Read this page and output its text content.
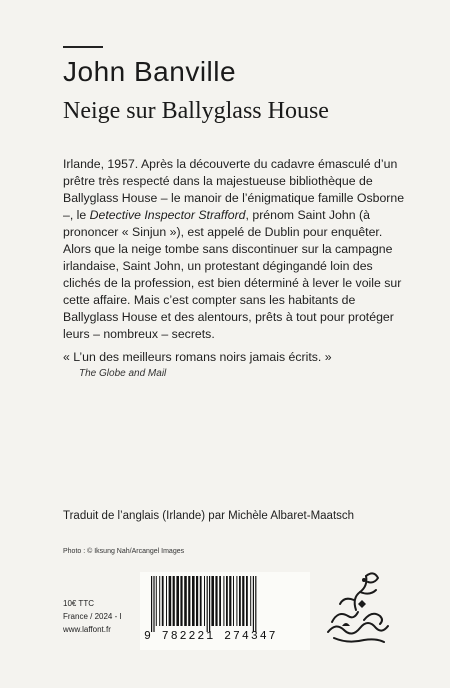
John Banville
Neige sur Ballyglass House
Irlande, 1957. Après la découverte du cadavre émasculé d’un prêtre très respecté dans la majestueuse bibliothèque de Ballyglass House – le manoir de l’énigmatique famille Osborne –, le Detective Inspector Strafford, prénom Saint John (à prononcer « Sinjun »), est appelé de Dublin pour enquêter. Alors que la neige tombe sans discontinuer sur la campagne irlandaise, Saint John, un protestant dégingandé loin des clichés de la profession, est bien déterminé à lever le voile sur cette affaire. Mais c’est compter sans les habitants de Ballyglass House et des alentours, prêts à tout pour protéger leurs – nombreux – secrets.
« L’un des meilleurs romans noirs jamais écrits. »
The Globe and Mail
Traduit de l’anglais (Irlande) par Michèle Albaret-Maatsch
Photo : © Iksung Nah/Arcangel Images
10€ TTC
France / 2024 - I
www.laffont.fr
9 782221 274347
